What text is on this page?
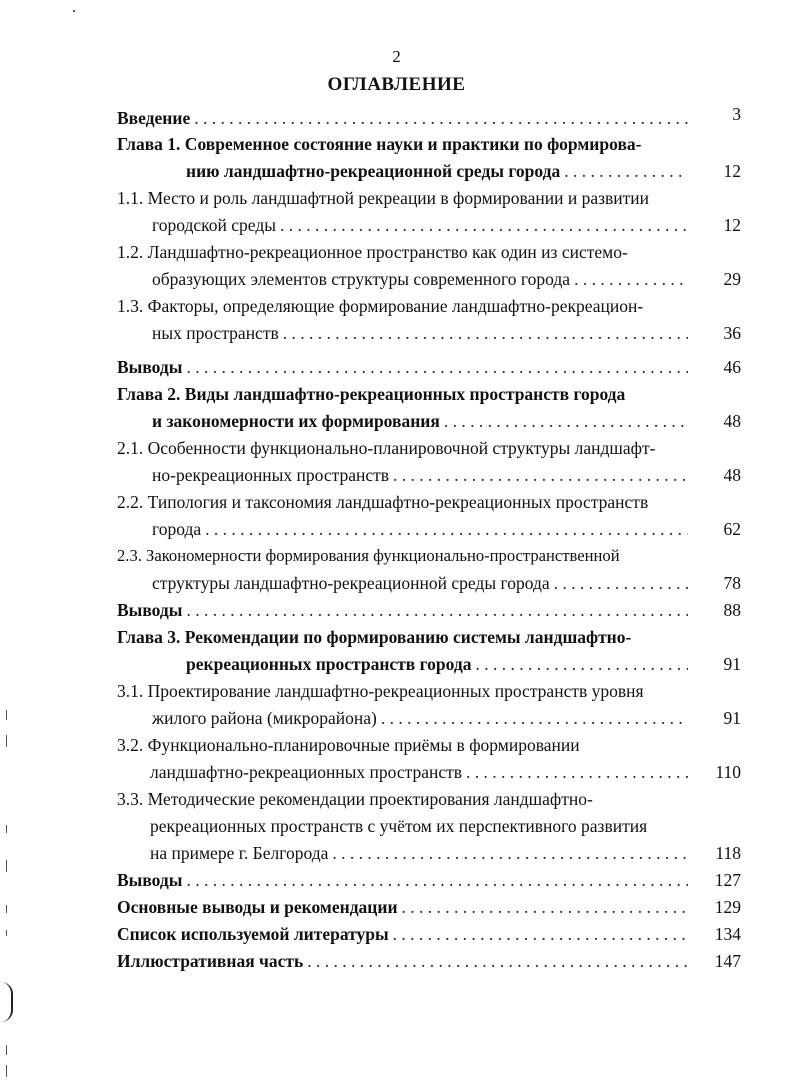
2
ОГЛАВЛЕНИЕ
Введение . . .	3
Глава 1. Современное состояние науки и практики по формирова-
нию ландшафтно-рекреационной среды города . . .	12
1.1. Место и роль ландшафтной рекреации в формировании и развитии
городской среды . . .	12
1.2. Ландшафтно-рекреационное пространство как один из системо-
образующих элементов структуры современного города . . .	29
1.3. Факторы, определяющие формирование ландшафтно-рекреацион-
ных пространств . . .	36
Выводы . . .	46
Глава 2. Виды ландшафтно-рекреационных пространств города
и закономерности их формирования . . .	48
2.1. Особенности функционально-планировочной структуры ландшафт-
но-рекреационных пространств . . .	48
2.2. Типология и таксономия ландшафтно-рекреационных пространств
города . . .	62
2.3. Закономерности формирования функционально-пространственной
структуры ландшафтно-рекреационной среды города . . .	78
Выводы . . .	88
Глава 3. Рекомендации по формированию системы ландшафтно-
рекреационных пространств города . . .	91
3.1. Проектирование ландшафтно-рекреационных пространств уровня
жилого района (микрорайона) . . .	91
3.2. Функционально-планировочные приёмы в формировании
ландшафтно-рекреационных пространств . . .	110
3.3. Методические рекомендации проектирования ландшафтно-
рекреационных пространств с учётом их перспективного развития
на примере г. Белгорода . . .	118
Выводы . . .	127
Основные выводы и рекомендации . . .	129
Список используемой литературы . . .	134
Иллюстративная часть . . .	147
